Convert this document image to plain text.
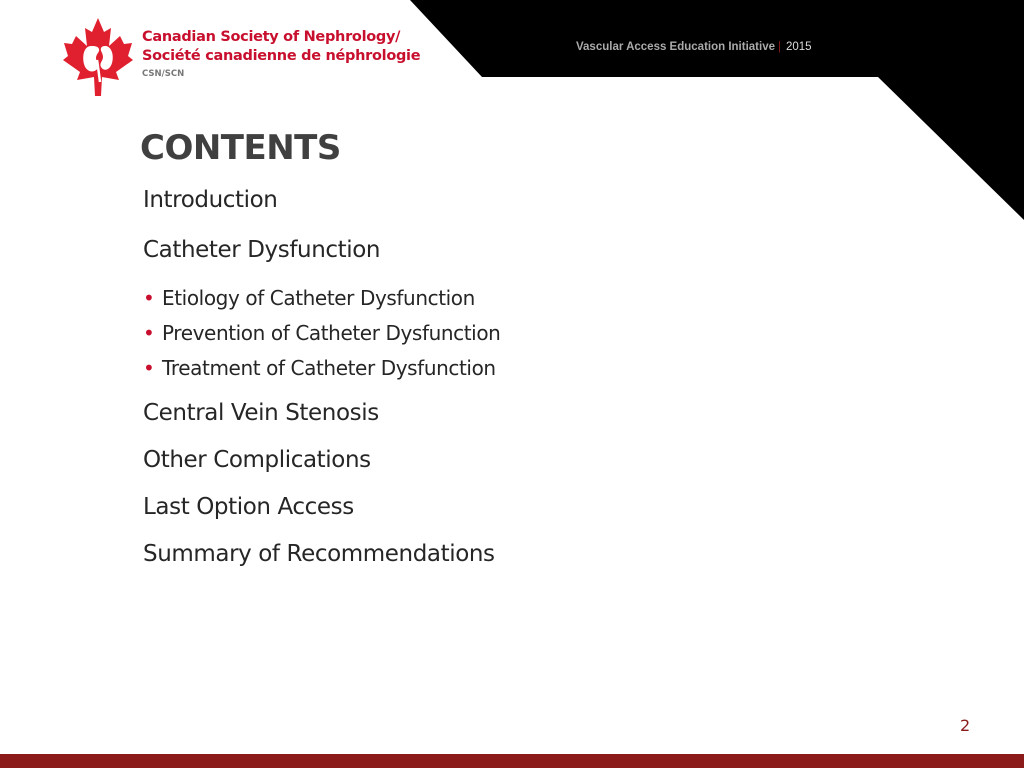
Canadian Society of Nephrology/
Société canadienne de néphrologie
CSN/SCN
Vascular Access Education Initiative | 2015
CONTENTS
Introduction
Catheter Dysfunction
• Etiology of Catheter Dysfunction
• Prevention of Catheter Dysfunction
• Treatment of Catheter Dysfunction
Central Vein Stenosis
Other Complications
Last Option Access
Summary of Recommendations
2
